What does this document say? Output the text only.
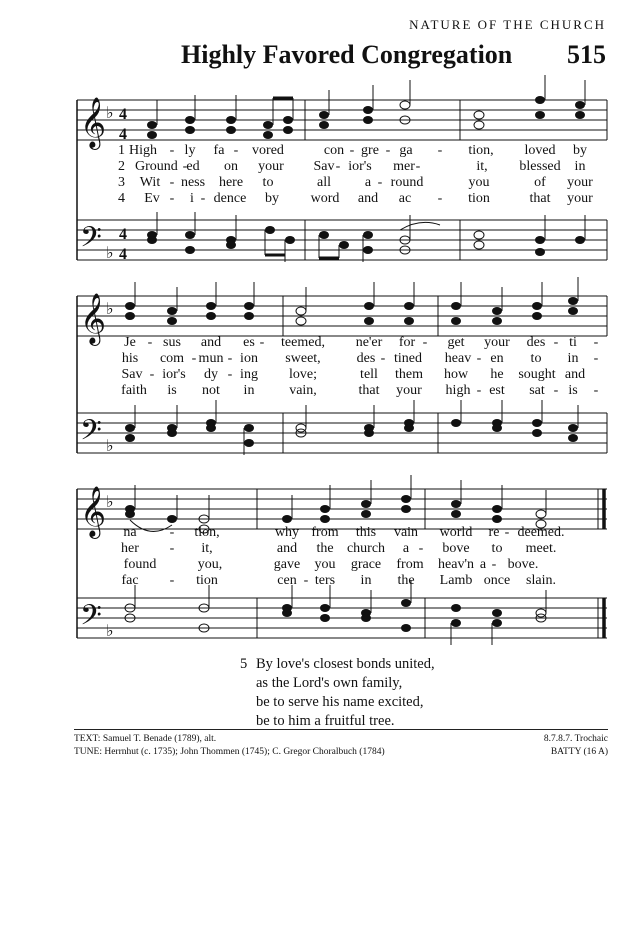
NATURE OF THE CHURCH
Highly Favored Congregation 515
𝄞
𝄢
♭
♭
4
4
4
4
𝄞
𝄢
♭
♭
𝄞
𝄢
♭
♭
1 High - ly fa - vored	con - gre - ga - tion, loved by
2 Ground - ed on your Sav - ior's mer -	it, blessed in
3 Wit - ness here to	all a - round	you	of your
4 Ev - i - dence by word and ac - tion	that your
Je - sus and es - teemed, ne'er for - get your des - ti -
his com - mun - ion sweet,	des - tined heav - en to in -
Sav - ior's dy - ing love;	tell them how he sought and
faith is not in vain,	that your high - est sat - is -
na - tion,	why from this vain world re - deemed.
her - it,	and the church a - bove to meet.
found	you,	gave you grace from heav'n a - bove.
fac - tion	cen - ters in the Lamb once slain.
5 By love's closest bonds united,
as the Lord's own family,
be to serve his name excited,
be to him a fruitful tree.
TEXT: Samuel T. Benade (1789), alt.
TUNE: Herrnhut (c. 1735); John Thommen (1745); C. Gregor Choralbuch (1784)
8.7.8.7. Trochaic
BATTY (16 A)
